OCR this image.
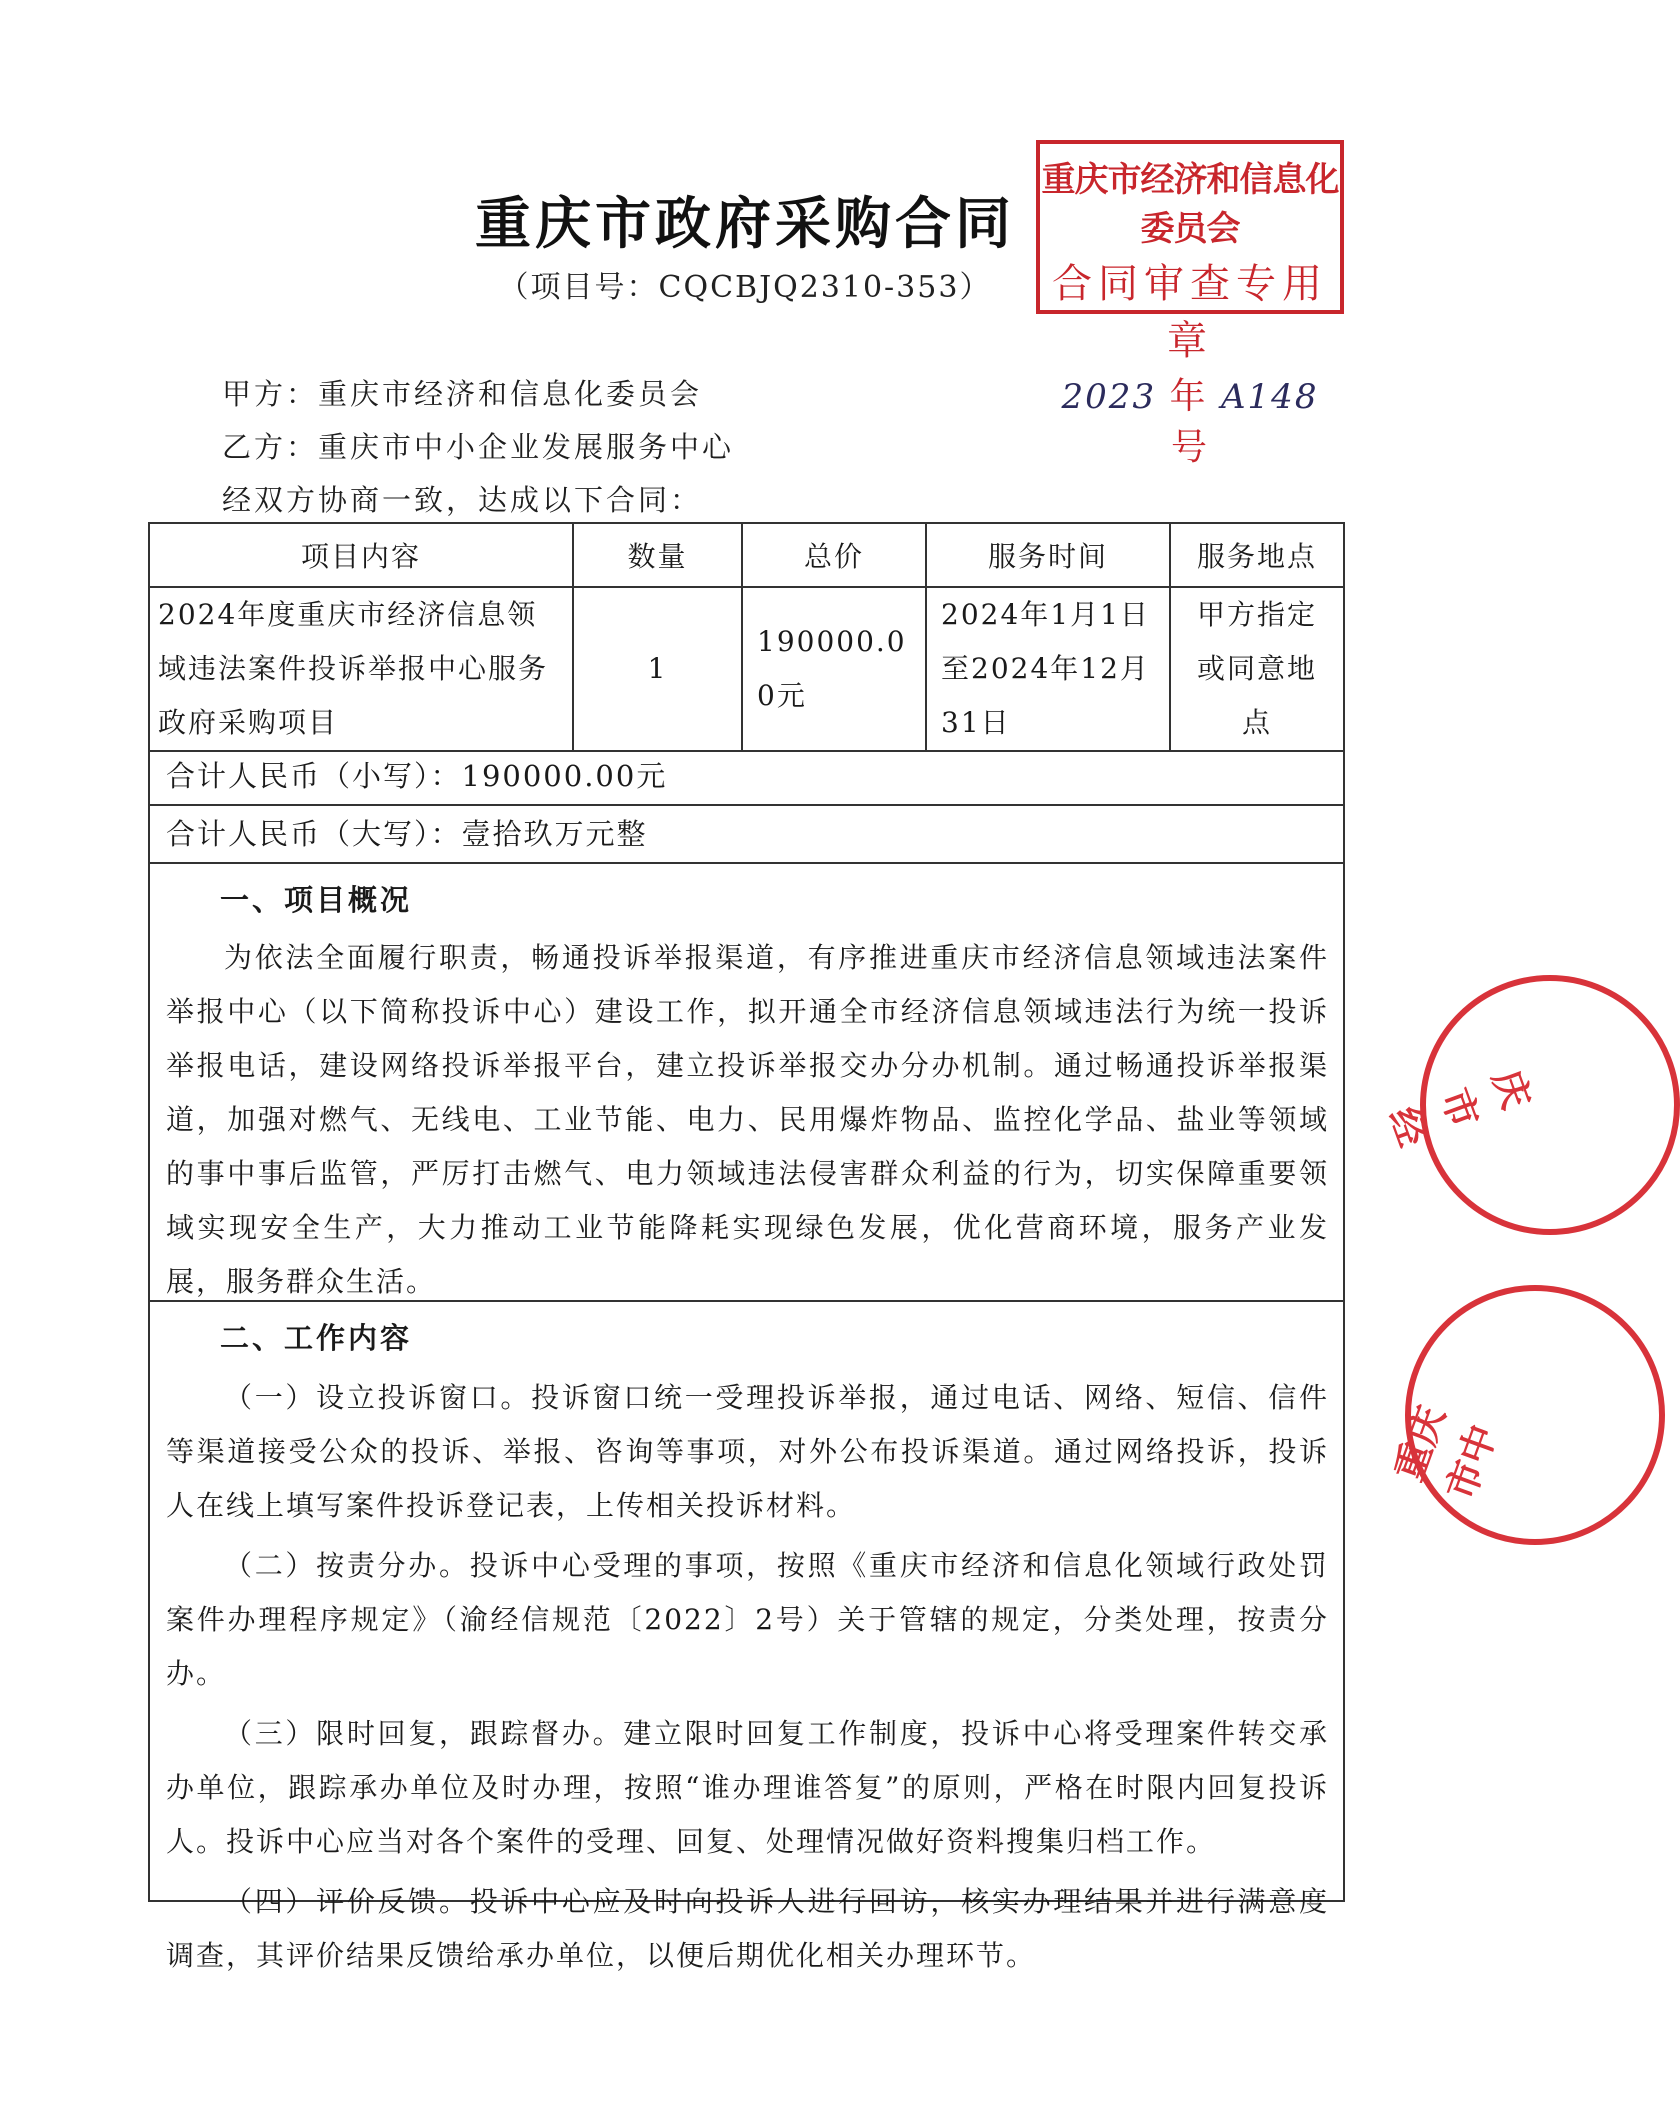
重庆市政府采购合同
（项目号：CQCBJQ2310-353）
重庆市经济和信息化委员会
合同审查专用章
2023 年 A148 号
庆市经
重庆市中
甲方：重庆市经济和信息化委员会
乙方：重庆市中小企业发展服务中心
经双方协商一致，达成以下合同：
项目内容	数量	总价	服务时间	服务地点
2024年度重庆市经济信息领域违法案件投诉举报中心服务政府采购项目	1	190000.00元	2024年1月1日至2024年12月31日	甲方指定或同意地点
合计人民币（小写）：190000.00元
合计人民币（大写）：壹拾玖万元整
一、项目概况
为依法全面履行职责，畅通投诉举报渠道，有序推进重庆市经济信息领域违法案件举报中心（以下简称投诉中心）建设工作，拟开通全市经济信息领域违法行为统一投诉举报电话，建设网络投诉举报平台，建立投诉举报交办分办机制。通过畅通投诉举报渠道，加强对燃气、无线电、工业节能、电力、民用爆炸物品、监控化学品、盐业等领域的事中事后监管，严厉打击燃气、电力领域违法侵害群众利益的行为，切实保障重要领域实现安全生产，大力推动工业节能降耗实现绿色发展，优化营商环境，服务产业发展，服务群众生活。
二、工作内容
（一）设立投诉窗口。投诉窗口统一受理投诉举报，通过电话、网络、短信、信件等渠道接受公众的投诉、举报、咨询等事项，对外公布投诉渠道。通过网络投诉，投诉人在线上填写案件投诉登记表，上传相关投诉材料。
（二）按责分办。投诉中心受理的事项，按照《重庆市经济和信息化领域行政处罚案件办理程序规定》（渝经信规范〔2022〕2号）关于管辖的规定，分类处理，按责分办。
（三）限时回复，跟踪督办。建立限时回复工作制度，投诉中心将受理案件转交承办单位，跟踪承办单位及时办理，按照“谁办理谁答复”的原则，严格在时限内回复投诉人。投诉中心应当对各个案件的受理、回复、处理情况做好资料搜集归档工作。
（四）评价反馈。投诉中心应及时向投诉人进行回访，核实办理结果并进行满意度调查，其评价结果反馈给承办单位，以便后期优化相关办理环节。
